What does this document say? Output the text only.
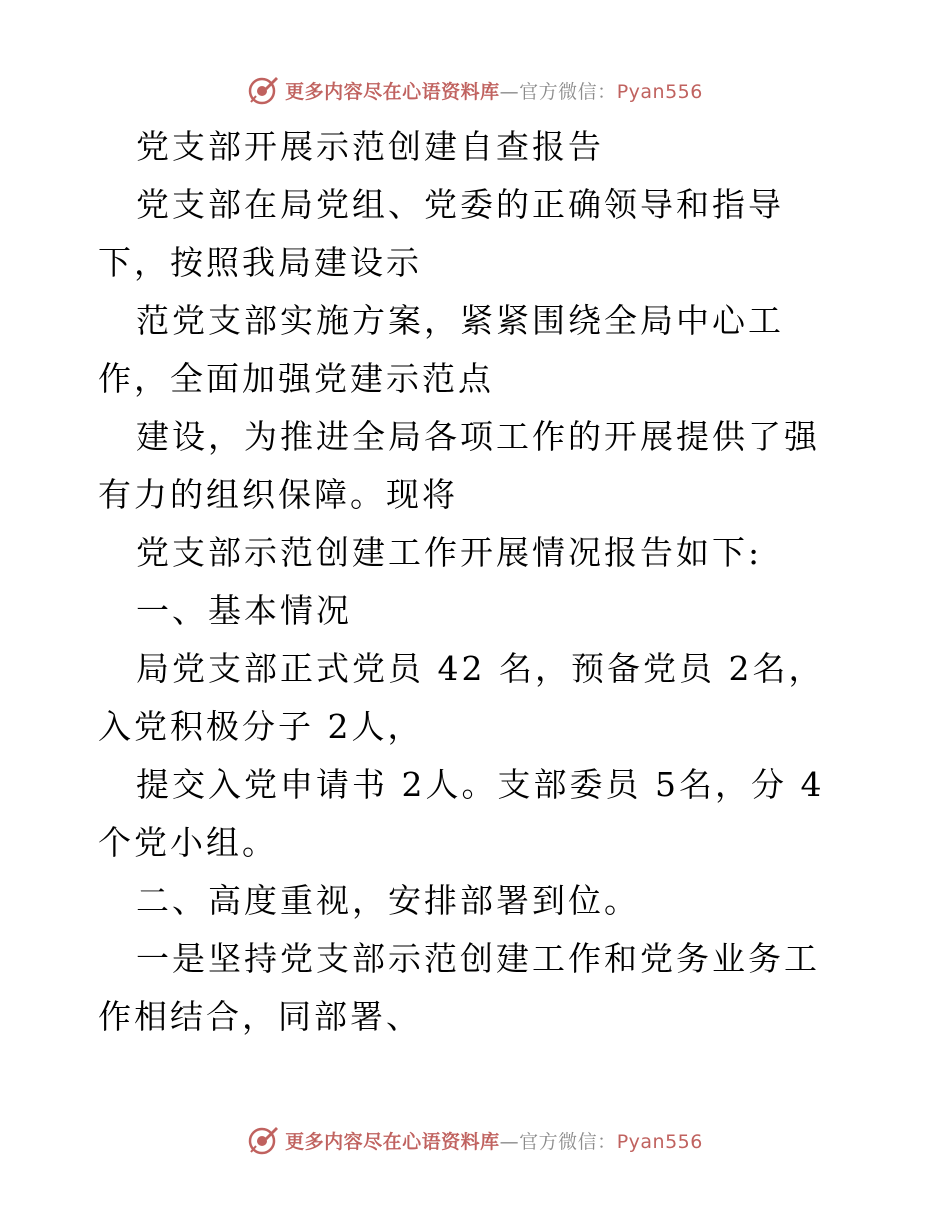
更多内容尽在心语资料库—官方微信：Pyan556

党支部开展示范创建自查报告

党支部在局党组、党委的正确领导和指导下，按照我局建设示

范党支部实施方案，紧紧围绕全局中心工作，全面加强党建示范点

建设，为推进全局各项工作的开展提供了强有力的组织保障。现将

党支部示范创建工作开展情况报告如下:

一、基本情况

局党支部正式党员 42 名，预备党员 2名，入党积极分子 2人，

提交入党申请书 2人。支部委员 5名，分 4个党小组。

二、高度重视，安排部署到位。

一是坚持党支部示范创建工作和党务业务工作相结合，同部署、

更多内容尽在心语资料库—官方微信：Pyan556
